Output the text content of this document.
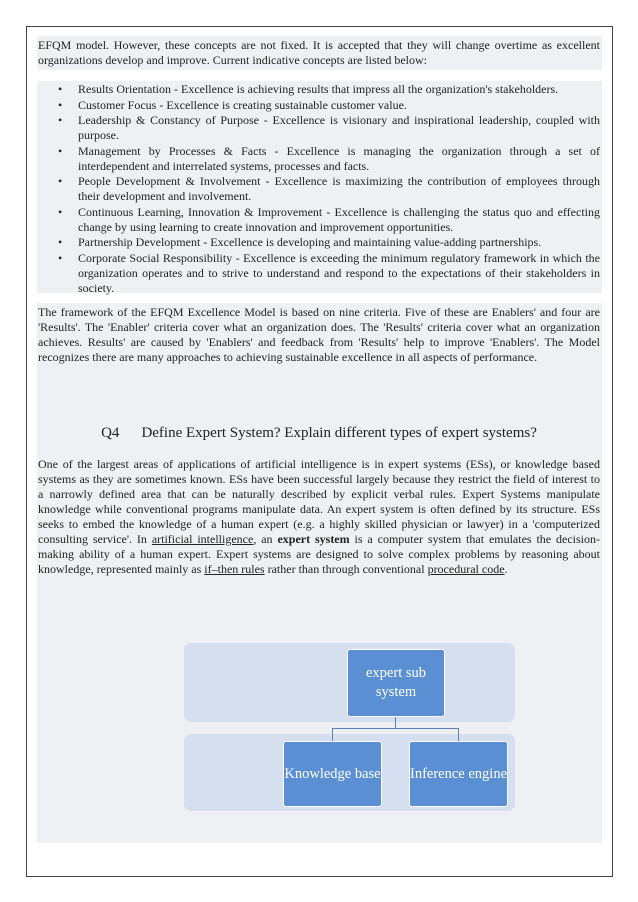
EFQM model. However, these concepts are not fixed. It is accepted that they will change overtime as excellent organizations develop and improve. Current indicative concepts are listed below:

• Results Orientation - Excellence is achieving results that impress all the organization's stakeholders.
• Customer Focus - Excellence is creating sustainable customer value.
• Leadership & Constancy of Purpose - Excellence is visionary and inspirational leadership, coupled with purpose.
• Management by Processes & Facts - Excellence is managing the organization through a set of interdependent and interrelated systems, processes and facts.
• People Development & Involvement - Excellence is maximizing the contribution of employees through their development and involvement.
• Continuous Learning, Innovation & Improvement - Excellence is challenging the status quo and effecting change by using learning to create innovation and improvement opportunities.
• Partnership Development - Excellence is developing and maintaining value-adding partnerships.
• Corporate Social Responsibility - Excellence is exceeding the minimum regulatory framework in which the organization operates and to strive to understand and respond to the expectations of their stakeholders in society.

The framework of the EFQM Excellence Model is based on nine criteria. Five of these are Enablers' and four are 'Results'. The 'Enabler' criteria cover what an organization does. The 'Results' criteria cover what an organization achieves. Results' are caused by 'Enablers' and feedback from 'Results' help to improve 'Enablers'. The Model recognizes there are many approaches to achieving sustainable excellence in all aspects of performance.

Q4 Define Expert System? Explain different types of expert systems?

One of the largest areas of applications of artificial intelligence is in expert systems (ESs), or knowledge based systems as they are sometimes known. ESs have been successful largely because they restrict the field of interest to a narrowly defined area that can be naturally described by explicit verbal rules. Expert Systems manipulate knowledge while conventional programs manipulate data. An expert system is often defined by its structure. ESs seeks to embed the knowledge of a human expert (e.g. a highly skilled physician or lawyer) in a 'computerized consulting service'. In artificial intelligence, an expert system is a computer system that emulates the decision-making ability of a human expert. Expert systems are designed to solve complex problems by reasoning about knowledge, represented mainly as if–then rules rather than through conventional procedural code.

expert sub system
Knowledge base Inference engine
